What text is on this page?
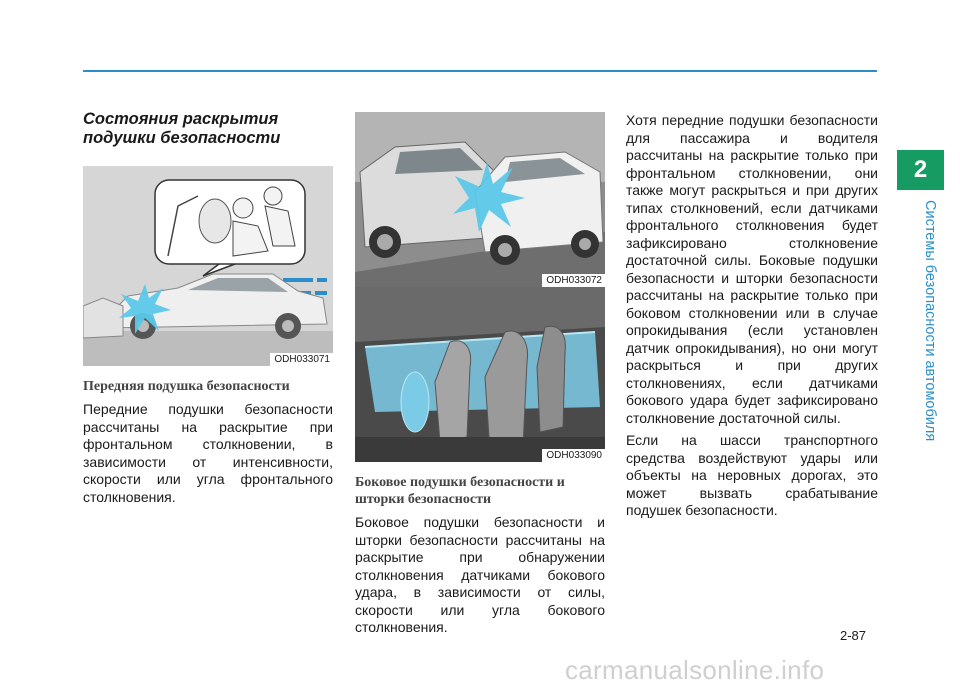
2
Системы безопасности автомобиля
Состояния раскрытия подушки безопасности
ODH033071
Передняя подушка безопасности

Передние подушки безопасности рассчитаны на раскрытие при фронтальном столкновении, в зависимости от интенсивности, скорости или угла фронтального столкновения.

ODH033072
ODH033090
Боковое подушки безопасности и шторки безопасности

Боковое подушки безопасности и шторки безопасности рассчитаны на раскрытие при обнаружении столкновения датчиками бокового удара, в зависимости от силы, скорости или угла бокового столкновения.

Хотя передние подушки безопасности для пассажира и водителя рассчитаны на раскрытие только при фронтальном столкновении, они также могут раскрыться и при других типах столкновений, если датчиками фронтального столкновения будет зафиксировано столкновение достаточной силы. Боковые подушки безопасности и шторки безопасности рассчитаны на раскрытие только при боковом столкновении или в случае опрокидывания (если установлен датчик опрокидывания), но они могут раскрыться и при других столкновениях, если датчиками бокового удара будет зафиксировано столкновение достаточной силы.

Если на шасси транспортного средства воздействуют удары или объекты на неровных дорогах, это может вызвать срабатывание подушек безопасности.

2-87
carmanualsonline.info
